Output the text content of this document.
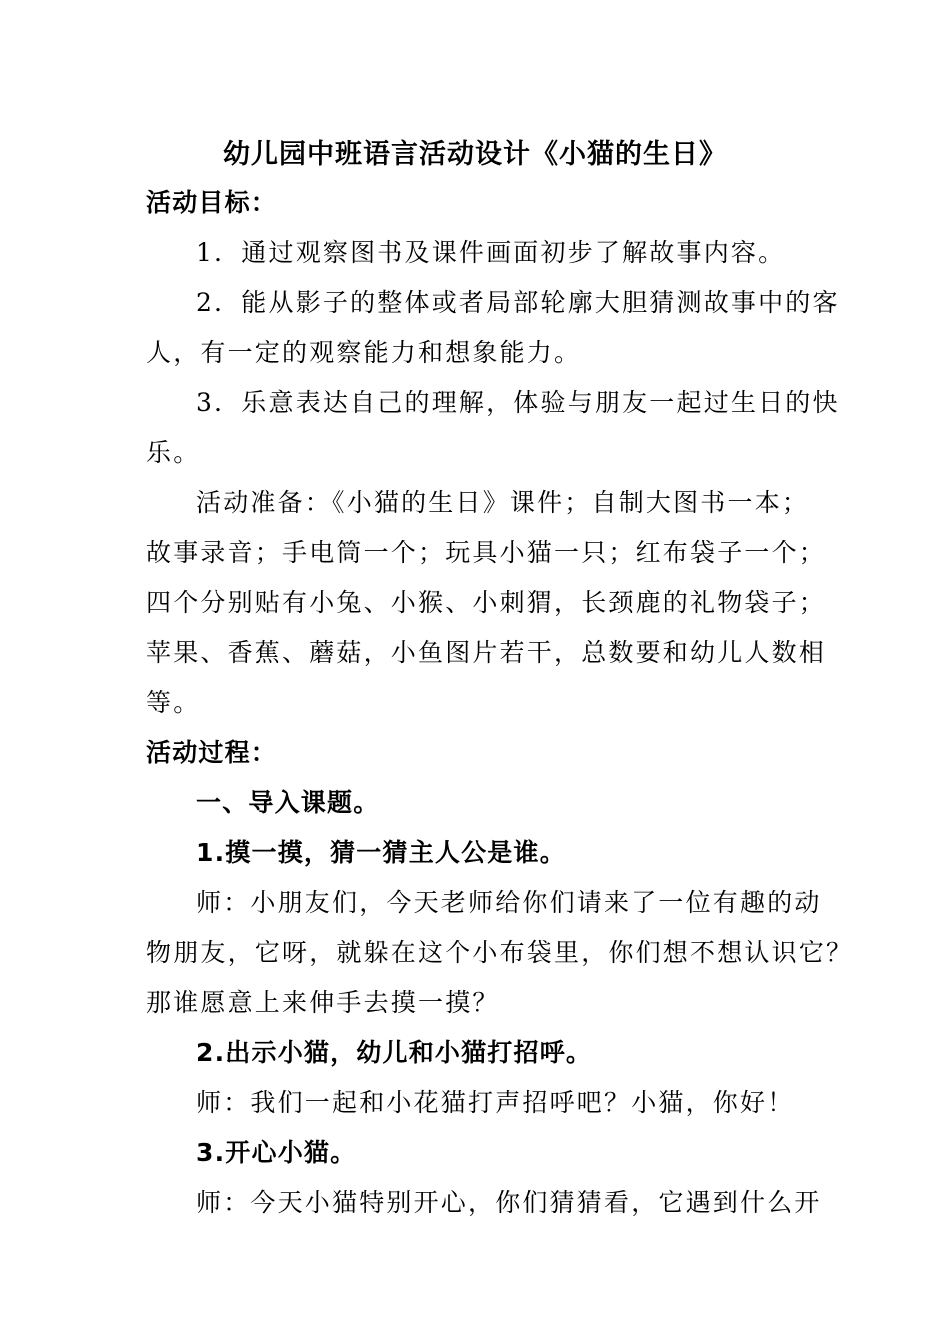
幼儿园中班语言活动设计《小猫的生日》
活动目标：
1．通过观察图书及课件画面初步了解故事内容。
2．能从影子的整体或者局部轮廓大胆猜测故事中的客
人，有一定的观察能力和想象能力。
3．乐意表达自己的理解，体验与朋友一起过生日的快
乐。
活动准备：《小猫的生日》课件；自制大图书一本；
故事录音；手电筒一个；玩具小猫一只；红布袋子一个；
四个分别贴有小兔、小猴、小刺猬，长颈鹿的礼物袋子；
苹果、香蕉、蘑菇，小鱼图片若干，总数要和幼儿人数相
等。
活动过程：
一、导入课题。
1.摸一摸，猜一猜主人公是谁。
师：小朋友们，今天老师给你们请来了一位有趣的动
物朋友，它呀，就躲在这个小布袋里，你们想不想认识它？
那谁愿意上来伸手去摸一摸？
2.出示小猫，幼儿和小猫打招呼。
师：我们一起和小花猫打声招呼吧？小猫，你好！
3.开心小猫。
师：今天小猫特别开心，你们猜猜看，它遇到什么开
